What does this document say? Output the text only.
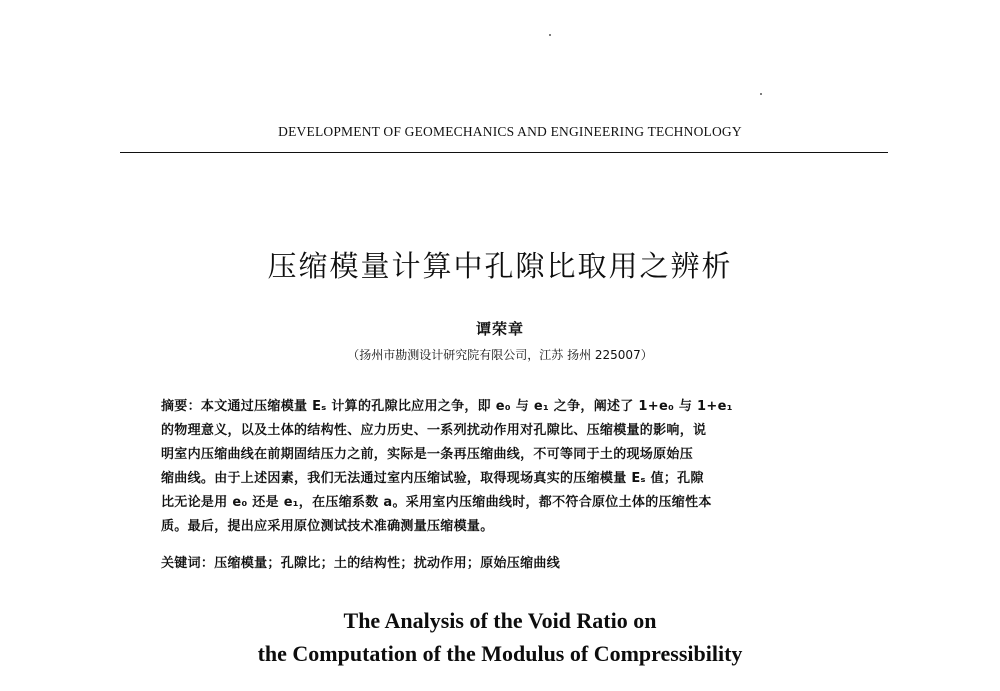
DEVELOPMENT OF GEOMECHANICS AND ENGINEERING TECHNOLOGY
压缩模量计算中孔隙比取用之辨析
谭荣章
（扬州市勘测设计研究院有限公司，江苏 扬州 225007）
摘要：本文通过压缩模量 Eₛ 计算的孔隙比应用之争，即 e₀ 与 e₁ 之争，阐述了 1+e₀ 与 1+e₁
的物理意义，以及土体的结构性、应力历史、一系列扰动作用对孔隙比、压缩模量的影响，说
明室内压缩曲线在前期固结压力之前，实际是一条再压缩曲线，不可等同于土的现场原始压
缩曲线。由于上述因素，我们无法通过室内压缩试验，取得现场真实的压缩模量 Eₛ 值；孔隙
比无论是用 e₀ 还是 e₁，在压缩系数 a。采用室内压缩曲线时，都不符合原位土体的压缩性本
质。最后，提出应采用原位测试技术准确测量压缩模量。
关键词：压缩模量；孔隙比；土的结构性；扰动作用；原始压缩曲线
The Analysis of the Void Ratio on
the Computation of the Modulus of Compressibility
